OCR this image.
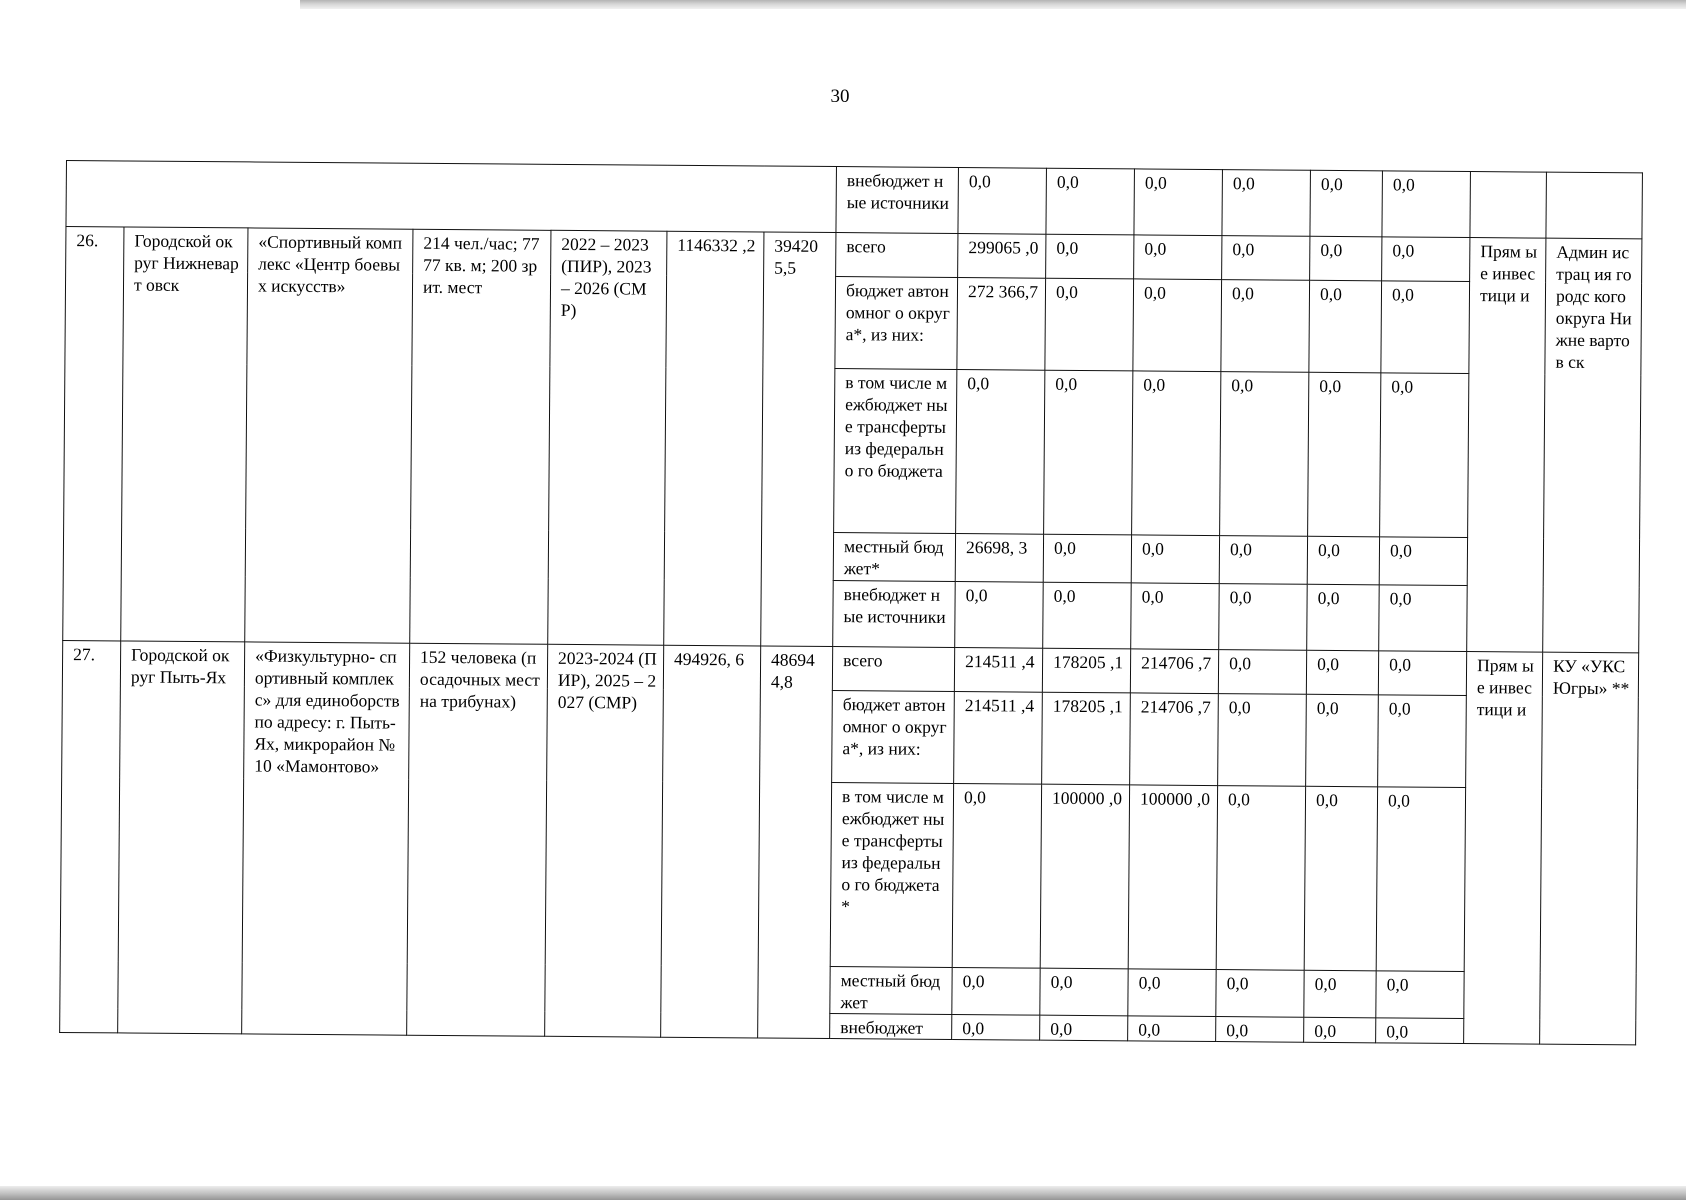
30
							внебюджет ные источники	0,0	0,0	0,0	0,0	0,0	0,0		
26.	Городской округ Нижневарт овск	«Спортивный комплекс «Центр боевых искусств»	214 чел./час; 7777 кв. м; 200 зрит. мест	2022 – 2023 (ПИР), 2023 – 2026 (СМР)	1146332 ,2	39420 5,5	всего	299065 ,0	0,0	0,0	0,0	0,0	0,0	Прям ые инвес тици и	Админ истрац ия городс кого округа Нижне вартов ск
							бюджет автономног о округа*, из них:	272 366,7	0,0	0,0	0,0	0,0	0,0		
							в том числе межбюджет ные трансферты из федерально го бюджета	0,0	0,0	0,0	0,0	0,0	0,0		
							местный бюджет*	26698, 3	0,0	0,0	0,0	0,0	0,0		
							внебюджет ные источники	0,0	0,0	0,0	0,0	0,0	0,0		
27.	Городской округ Пыть-Ях	«Физкультурно- спортивный комплекс» для единоборств по адресу: г. Пыть- Ях, микрорайон № 10 «Мамонтово»	152 человека (посадочных мест на трибунах)	2023-2024 (ПИР), 2025 – 2027 (СМР)	494926, 6	48694 4,8	всего	214511 ,4	178205 ,1	214706 ,7	0,0	0,0	0,0	Прям ые инвес тици и	КУ «УКС Югры» **
							бюджет автономног о округа*, из них:	214511 ,4	178205 ,1	214706 ,7	0,0	0,0	0,0		
							в том числе межбюджет ные трансферты из федерально го бюджета*	0,0	100000 ,0	100000 ,0	0,0	0,0	0,0		
							местный бюджет	0,0	0,0	0,0	0,0	0,0	0,0		
							внебюджет	0,0	0,0	0,0	0,0	0,0	0,0		
